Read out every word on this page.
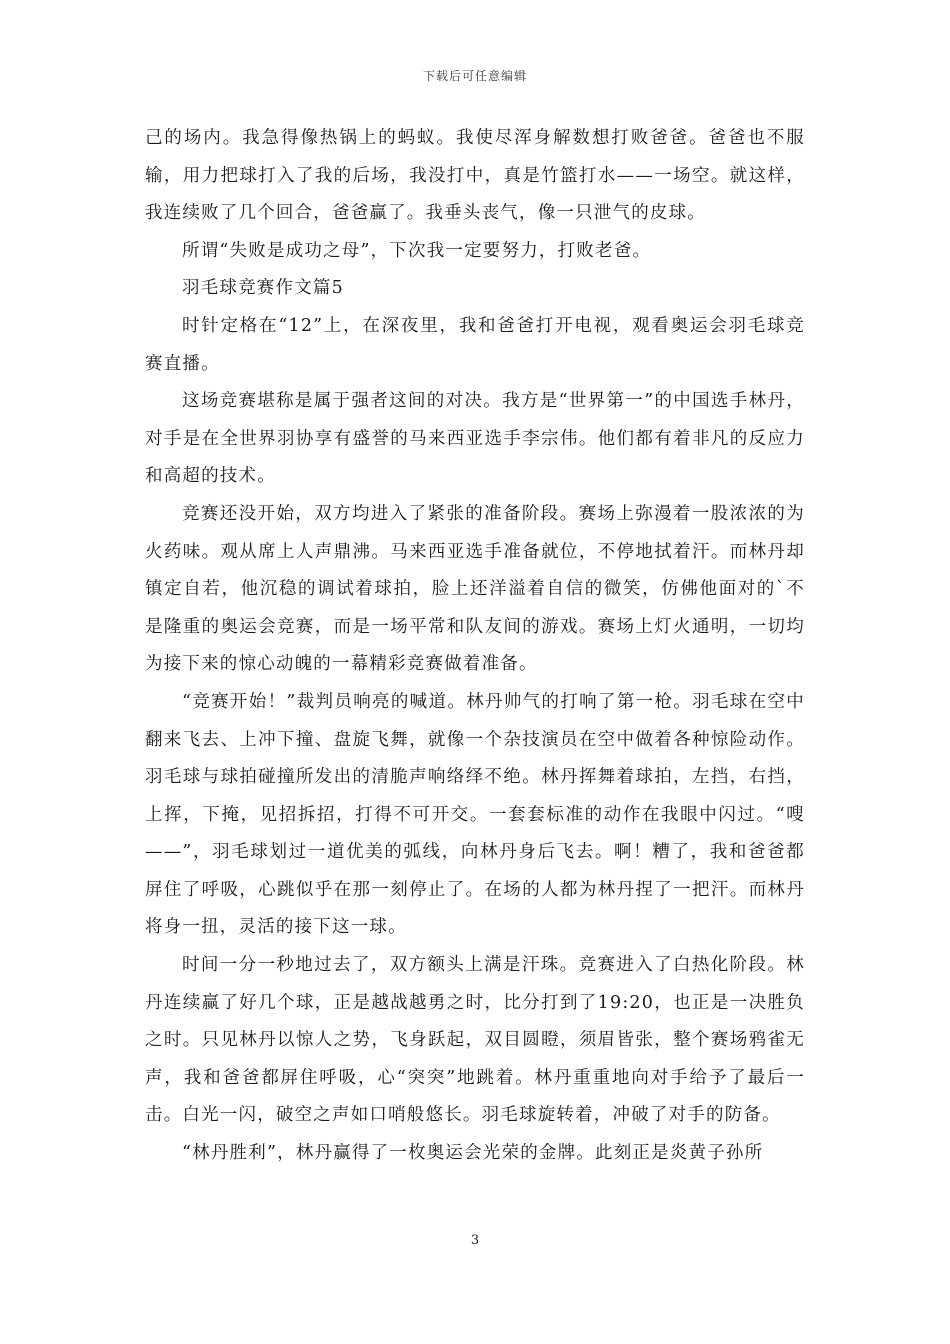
下载后可任意编辑

己的场内。我急得像热锅上的蚂蚁。我使尽浑身解数想打败爸爸。爸爸也不服输，用力把球打入了我的后场，我没打中，真是竹篮打水——一场空。就这样，我连续败了几个回合，爸爸赢了。我垂头丧气，像一只泄气的皮球。

所谓“失败是成功之母”，下次我一定要努力，打败老爸。

羽毛球竞赛作文篇5

时针定格在“12”上，在深夜里，我和爸爸打开电视，观看奥运会羽毛球竞赛直播。

这场竞赛堪称是属于强者这间的对决。我方是“世界第一”的中国选手林丹，对手是在全世界羽协享有盛誉的马来西亚选手李宗伟。他们都有着非凡的反应力和高超的技术。

竞赛还没开始，双方均进入了紧张的准备阶段。赛场上弥漫着一股浓浓的为火药味。观从席上人声鼎沸。马来西亚选手准备就位，不停地拭着汗。而林丹却镇定自若，他沉稳的调试着球拍，脸上还洋溢着自信的微笑，仿佛他面对的`不是隆重的奥运会竞赛，而是一场平常和队友间的游戏。赛场上灯火通明，一切均为接下来的惊心动魄的一幕精彩竞赛做着准备。

“竞赛开始！”裁判员响亮的喊道。林丹帅气的打响了第一枪。羽毛球在空中翻来飞去、上冲下撞、盘旋飞舞，就像一个杂技演员在空中做着各种惊险动作。羽毛球与球拍碰撞所发出的清脆声响络绎不绝。林丹挥舞着球拍，左挡，右挡，上挥，下掩，见招拆招，打得不可开交。一套套标准的动作在我眼中闪过。“嗖——”，羽毛球划过一道优美的弧线，向林丹身后飞去。啊！糟了，我和爸爸都屏住了呼吸，心跳似乎在那一刻停止了。在场的人都为林丹捏了一把汗。而林丹将身一扭，灵活的接下这一球。

时间一分一秒地过去了，双方额头上满是汗珠。竞赛进入了白热化阶段。林丹连续赢了好几个球，正是越战越勇之时，比分打到了19:20，也正是一决胜负之时。只见林丹以惊人之势，飞身跃起，双目圆瞪，须眉皆张，整个赛场鸦雀无声，我和爸爸都屏住呼吸，心“突突”地跳着。林丹重重地向对手给予了最后一击。白光一闪，破空之声如口哨般悠长。羽毛球旋转着，冲破了对手的防备。

“林丹胜利”，林丹赢得了一枚奥运会光荣的金牌。此刻正是炎黄子孙所

3
